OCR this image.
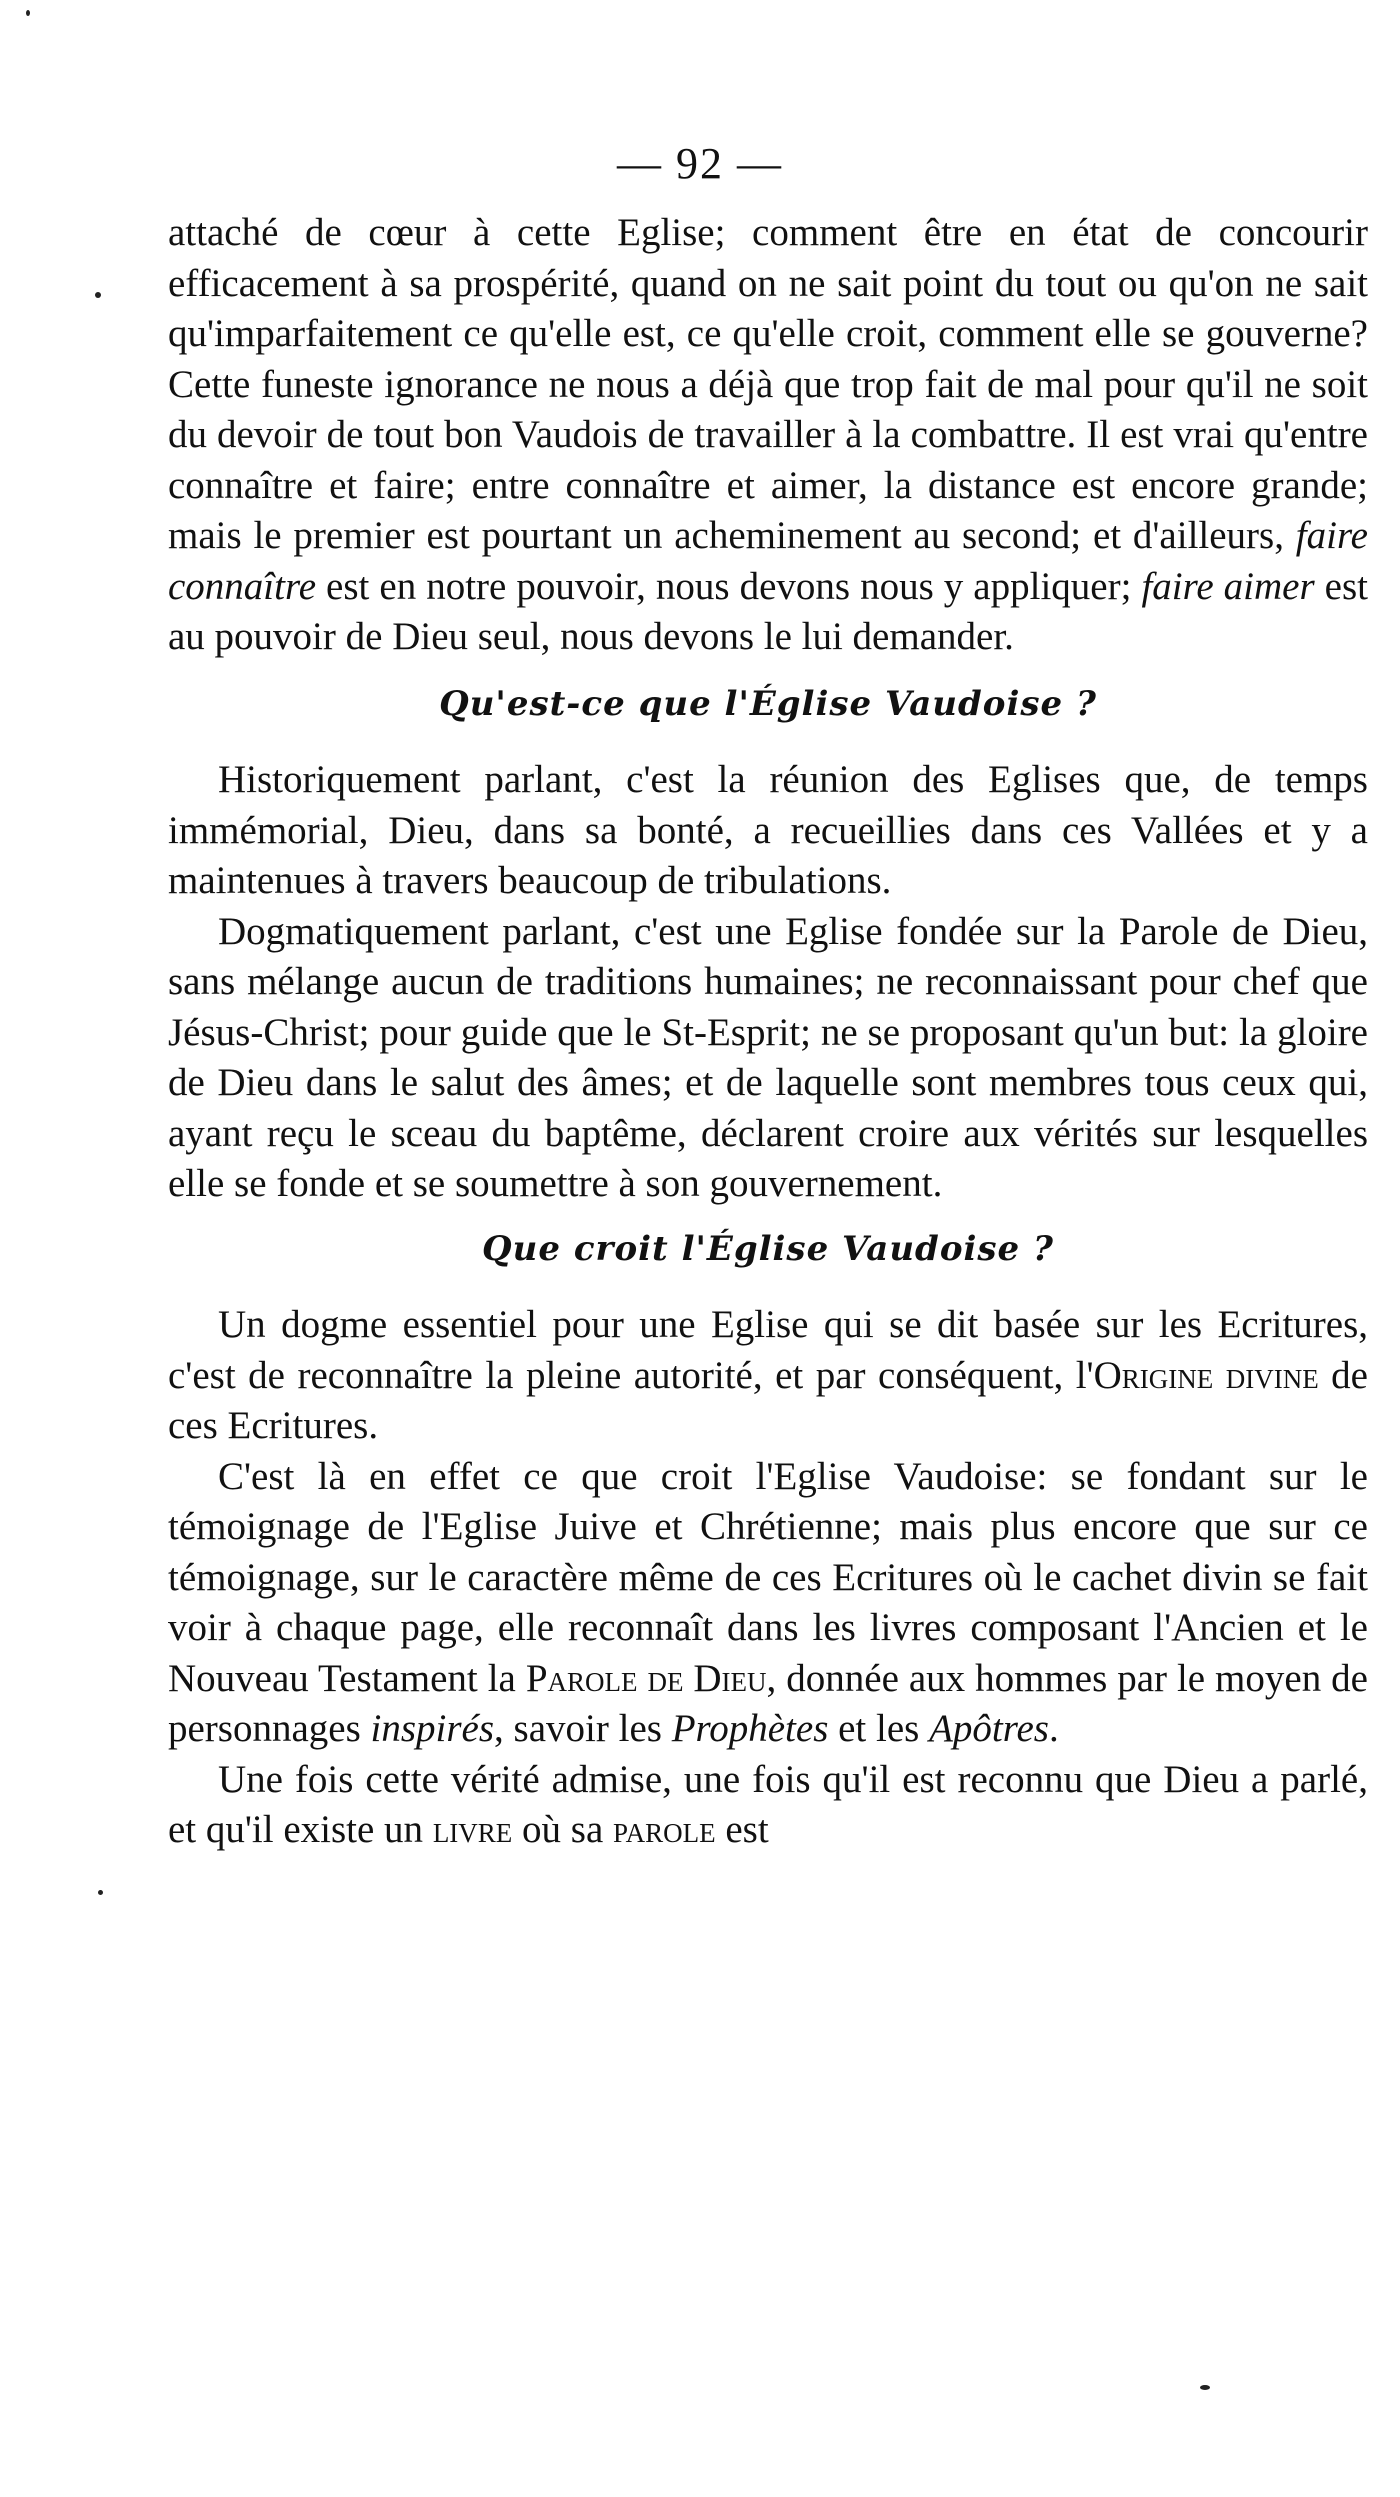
— 92 —

attaché de cœur à cette Eglise; comment être en état de concourir efficacement à sa prospérité, quand on ne sait point du tout ou qu'on ne sait qu'imparfaitement ce qu'elle est, ce qu'elle croit, comment elle se gouverne? Cette funeste ignorance ne nous a déjà que trop fait de mal pour qu'il ne soit du devoir de tout bon Vaudois de travailler à la combattre. Il est vrai qu'entre connaître et faire; entre connaître et aimer, la distance est encore grande; mais le premier est pourtant un acheminement au second; et d'ailleurs, faire connaître est en notre pouvoir, nous devons nous y appliquer; faire aimer est au pouvoir de Dieu seul, nous devons le lui demander.

Qu'est-ce que l'Église Vaudoise ?

Historiquement parlant, c'est la réunion des Eglises que, de temps immémorial, Dieu, dans sa bonté, a recueillies dans ces Vallées et y a maintenues à travers beaucoup de tribulations.

Dogmatiquement parlant, c'est une Eglise fondée sur la Parole de Dieu, sans mélange aucun de traditions humaines; ne reconnaissant pour chef que Jésus-Christ; pour guide que le St-Esprit; ne se proposant qu'un but: la gloire de Dieu dans le salut des âmes; et de laquelle sont membres tous ceux qui, ayant reçu le sceau du baptême, déclarent croire aux vérités sur lesquelles elle se fonde et se soumettre à son gouvernement.

Que croit l'Église Vaudoise ?

Un dogme essentiel pour une Eglise qui se dit basée sur les Ecritures, c'est de reconnaître la pleine autorité, et par conséquent, l'Origine divine de ces Ecritures.

C'est là en effet ce que croit l'Eglise Vaudoise: se fondant sur le témoignage de l'Eglise Juive et Chrétienne; mais plus encore que sur ce témoignage, sur le caractère même de ces Ecritures où le cachet divin se fait voir à chaque page, elle reconnaît dans les livres composant l'Ancien et le Nouveau Testament la Parole de Dieu, donnée aux hommes par le moyen de personnages inspirés, savoir les Prophètes et les Apôtres.

Une fois cette vérité admise, une fois qu'il est reconnu que Dieu a parlé, et qu'il existe un livre où sa parole est
